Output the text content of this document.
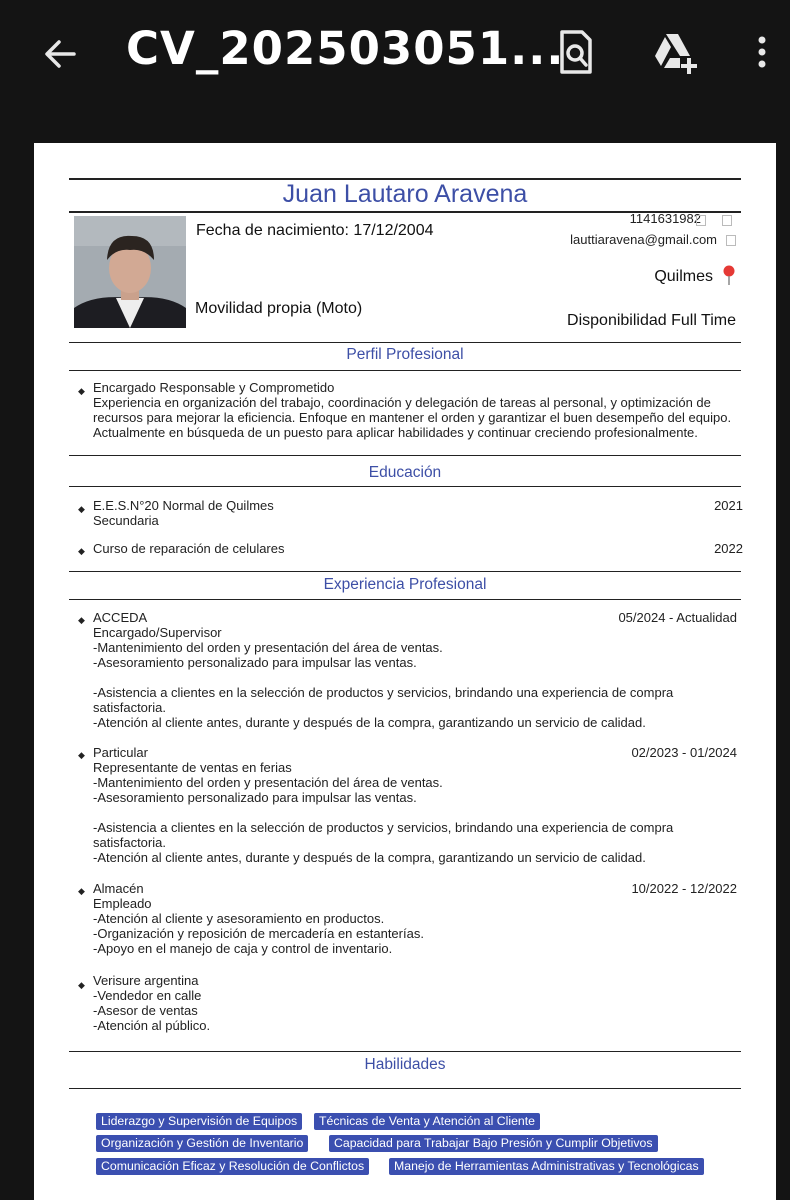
CV_202503051...
Juan Lautaro Aravena
Fecha de nacimiento: 17/12/2004
Movilidad propia (Moto)
1141631982
lauttiaravena@gmail.com
Quilmes
Disponibilidad Full Time
Perfil Profesional
◆ Encargado Responsable y Comprometido
Experiencia en organización del trabajo, coordinación y delegación de tareas al personal, y optimización de
recursos para mejorar la eficiencia. Enfoque en mantener el orden y garantizar el buen desempeño del equipo.
Actualmente en búsqueda de un puesto para aplicar habilidades y continuar creciendo profesionalmente.
Educación
◆ E.E.S.N°20 Normal de Quilmes
Secundaria
2021
◆ Curso de reparación de celulares	2022
Experiencia Profesional
◆ ACCEDA
Encargado/Supervisor
-Mantenimiento del orden y presentación del área de ventas.
-Asesoramiento personalizado para impulsar las ventas.
-Asistencia a clientes en la selección de productos y servicios, brindando una experiencia de compra
satisfactoria.
-Atención al cliente antes, durante y después de la compra, garantizando un servicio de calidad.
05/2024 - Actualidad
◆ Particular
Representante de ventas en ferias
-Mantenimiento del orden y presentación del área de ventas.
-Asesoramiento personalizado para impulsar las ventas.
-Asistencia a clientes en la selección de productos y servicios, brindando una experiencia de compra
satisfactoria.
-Atención al cliente antes, durante y después de la compra, garantizando un servicio de calidad.
02/2023 - 01/2024
◆ Almacén
Empleado
-Atención al cliente y asesoramiento en productos.
-Organización y reposición de mercadería en estanterías.
-Apoyo en el manejo de caja y control de inventario.
10/2022 - 12/2022
◆ Verisure argentina
-Vendedor en calle
-Asesor de ventas
-Atención al público.
Habilidades
Liderazgo y Supervisión de Equipos	Técnicas de Venta y Atención al Cliente
Organización y Gestión de Inventario	Capacidad para Trabajar Bajo Presión y Cumplir Objetivos
Comunicación Eficaz y Resolución de Conflictos	Manejo de Herramientas Administrativas y Tecnológicas
